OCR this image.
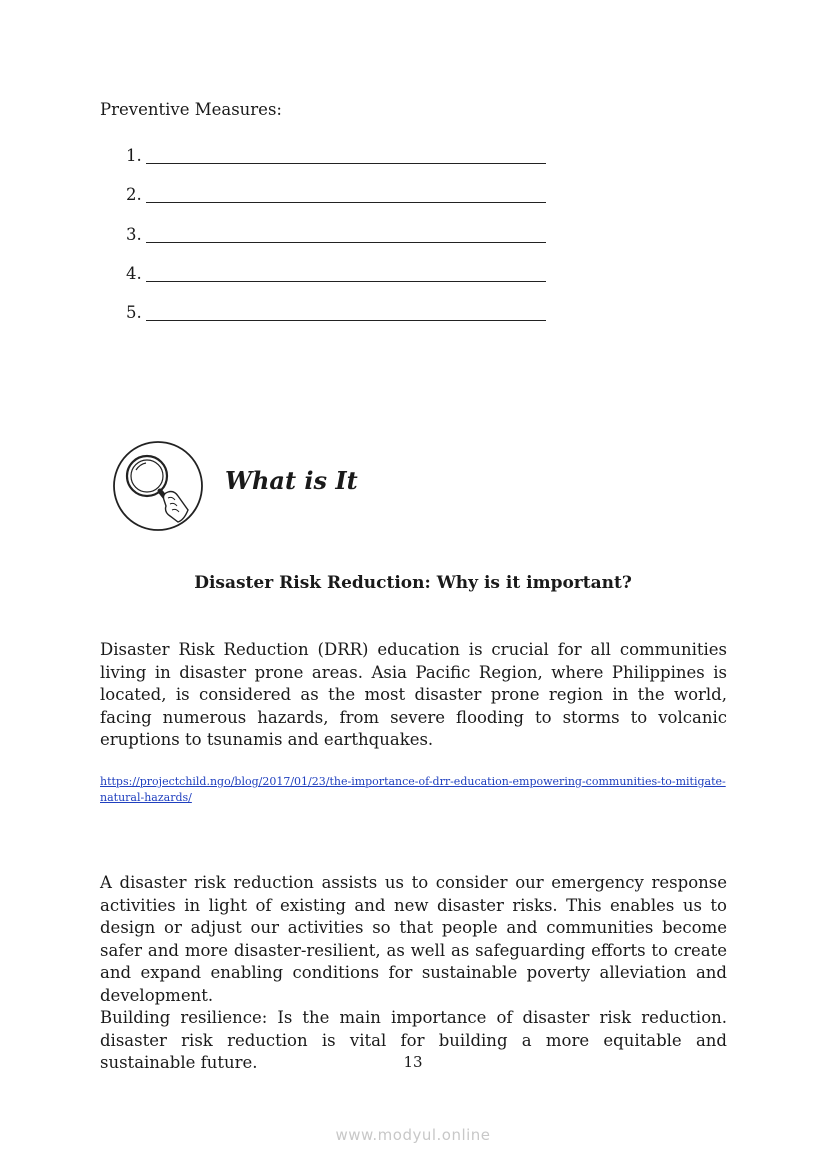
Preventive Measures:
1.
2.
3.
4.
5.
What is It
Disaster Risk Reduction: Why is it important?
Disaster Risk Reduction (DRR) education is crucial for all communities living in disaster prone areas. Asia Pacific Region, where Philippines is located, is considered as the most disaster prone region in the world, facing numerous hazards, from severe flooding to storms to volcanic eruptions to tsunamis and earthquakes.
https://projectchild.ngo/blog/2017/01/23/the-importance-of-drr-education-empowering-communities-to-mitigate-natural-hazards/
A disaster risk reduction assists us to consider our emergency response activities in light of existing and new disaster risks. This enables us to design or adjust our activities so that people and communities become safer and more disaster-resilient, as well as safeguarding efforts to create and expand enabling conditions for sustainable poverty alleviation and development.
Building resilience: Is the main importance of disaster risk reduction. disaster risk reduction is vital for building a more equitable and sustainable future.	13
www.modyul.online
